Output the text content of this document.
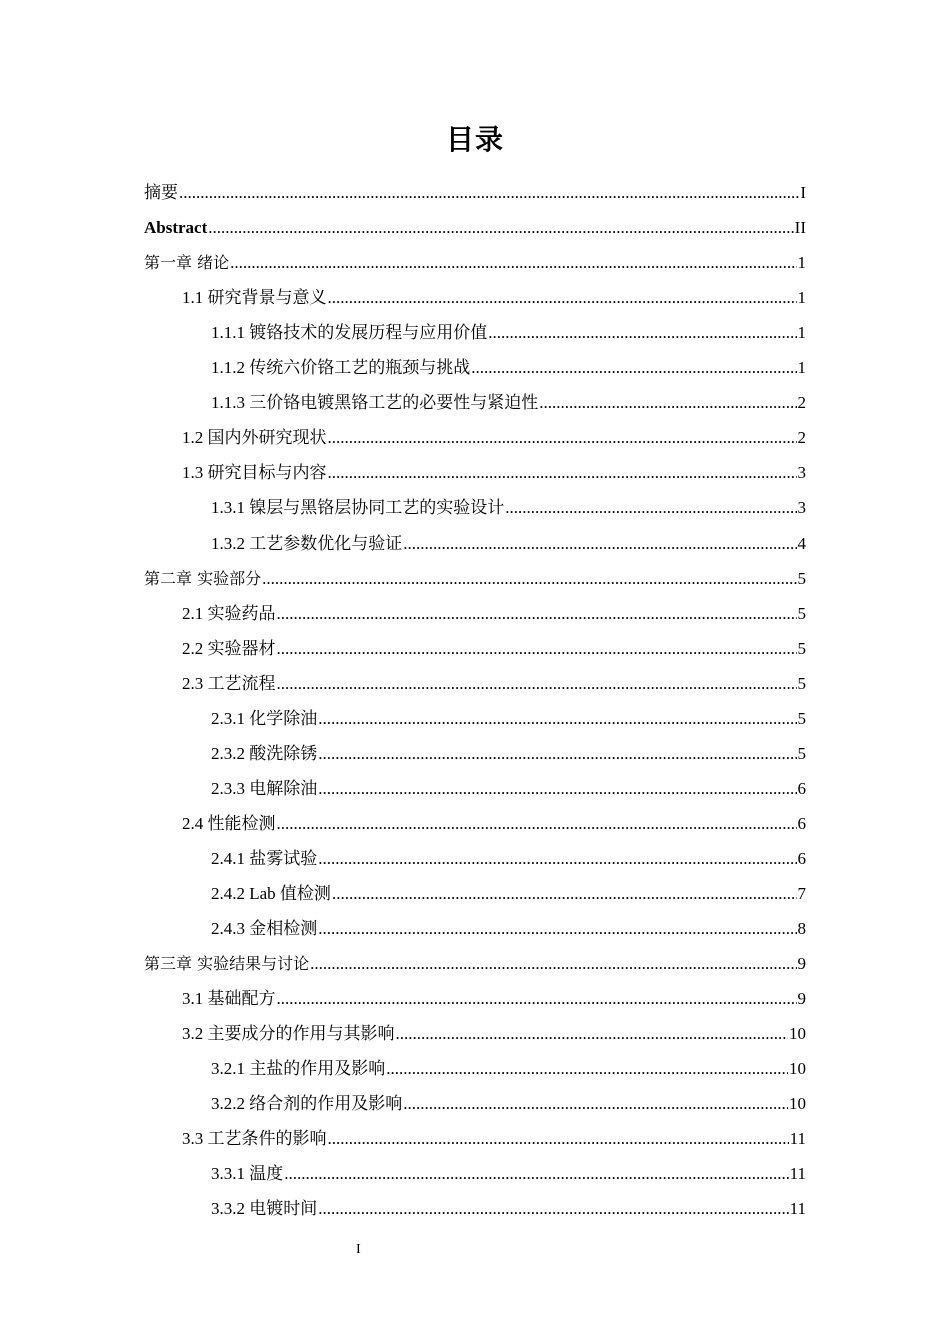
目录
摘要 .....	I
Abstract .....	II
第一章 绪论 .....	1
1.1 研究背景与意义 .....	1
1.1.1 镀铬技术的发展历程与应用价值 .....	1
1.1.2 传统六价铬工艺的瓶颈与挑战 .....	1
1.1.3 三价铬电镀黑铬工艺的必要性与紧迫性 .....	2
1.2 国内外研究现状 .....	2
1.3 研究目标与内容 .....	3
1.3.1 镍层与黑铬层协同工艺的实验设计 .....	3
1.3.2 工艺参数优化与验证 .....	4
第二章 实验部分 .....	5
2.1 实验药品 .....	5
2.2 实验器材 .....	5
2.3 工艺流程 .....	5
2.3.1 化学除油 .....	5
2.3.2 酸洗除锈 .....	5
2.3.3 电解除油 .....	6
2.4 性能检测 .....	6
2.4.1 盐雾试验 .....	6
2.4.2 Lab 值检测 .....	7
2.4.3 金相检测 .....	8
第三章 实验结果与讨论 .....	9
3.1 基础配方 .....	9
3.2 主要成分的作用与其影响 .....	10
3.2.1 主盐的作用及影响 .....	10
3.2.2 络合剂的作用及影响 .....	10
3.3 工艺条件的影响 .....	11
3.3.1 温度 .....	11
3.3.2 电镀时间 .....	11
I
